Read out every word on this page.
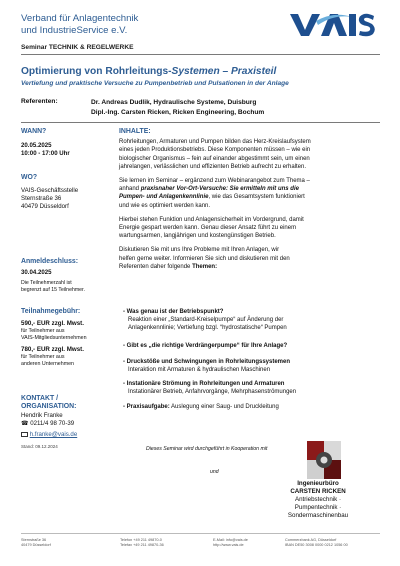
Verband für Anlagentechnik
und IndustrieService e.V.
Seminar TECHNIK & REGELWERKE
Optimierung von Rohrleitungs-Systemen – Praxisteil
Vertiefung und praktische Versuche zu Pumpenbetrieb und Pulsationen in der Anlage
Referenten:	Dr. Andreas Dudlik, Hydraulische Systeme, Duisburg
Dipl.-Ing. Carsten Ricken, Ricken Engineering, Bochum
WANN?
20.05.2025
10:00 - 17:00 Uhr
WO?
VAIS-Geschäftsstelle
Sternstraße 36
40479 Düsseldorf
Anmeldeschluss:
30.04.2025
Die Teilnehmerzahl ist
begrenzt auf 15 Teilnehmer.
Teilnahmegebühr:
590,- EUR zzgl. Mwst.
für Teilnehmer aus
VAIS-Mitgliedsunternehmen
780,- EUR zzgl. Mwst.
für Teilnehmer aus
anderen Unternehmen
KONTAKT /
ORGANISATION:
Hendrik Franke
☎ 0211/4 98 70-39
h.franke@vais.de
Stand: 09.12.2024
INHALTE:
Rohrleitungen, Armaturen und Pumpen bilden das Herz-Kreislaufsystem
eines jeden Produktionsbetriebs. Diese Komponenten müssen – wie ein
biologischer Organismus – fein auf einander abgestimmt sein, um einen
jahrelangen, verlässlichen und effizienten Betrieb aufrecht zu erhalten.
Sie lernen im Seminar – ergänzend zum Webinarangebot zum Thema –
anhand praxisnaher Vor-Ort-Versuche: Sie ermitteln mit uns die
Pumpen- und Anlagenkennlinie, wie das Gesamtsystem funktioniert
und wie es optimiert werden kann.
Hierbei stehen Funktion und Anlagensicherheit im Vordergrund, damit
Energie gespart werden kann. Genau dieser Ansatz führt zu einem
wartungsarmen, langjährigen und kostengünstigen Betrieb.
Diskutieren Sie mit uns Ihre Probleme mit Ihren Anlagen, wir
helfen gerne weiter. Informieren Sie sich und diskutieren mit den
Referenten daher folgende Themen:
- Was genau ist der Betriebspunkt?
Reaktion einer „Standard-Kreiselpumpe“ auf Änderung der
Anlagenkennlinie; Vertiefung bzgl. “hydrostatische“ Pumpen
- Gibt es „die richtige Verdrängerpumpe“ für Ihre Anlage?
- Druckstöße und Schwingungen in Rohrleitungssystemen
Interaktion mit Armaturen & hydraulischen Maschinen
- Instationäre Strömung in Rohrleitungen und Armaturen
Instationärer Betrieb, Anfahrvorgänge, Mehrphasenströmungen
- Praxisaufgabe: Auslegung einer Saug- und Druckleitung
Dieses Seminar wird durchgeführt in Kooperation mit
und
Ingenieurbüro
CARSTEN RICKEN
Antriebstechnik ·
Pumpentechnik ·
Sondermaschinenbau
Sternstraße 36
40479 Düsseldorf
Telefon +49 211 49870-0
Telefax +49 211 49870-36
E-Mail: info@vais.de
http://www.vais.de
Commerzbank AG, Düsseldorf
IBAN DE50 3008 0000 0212 1056 00
